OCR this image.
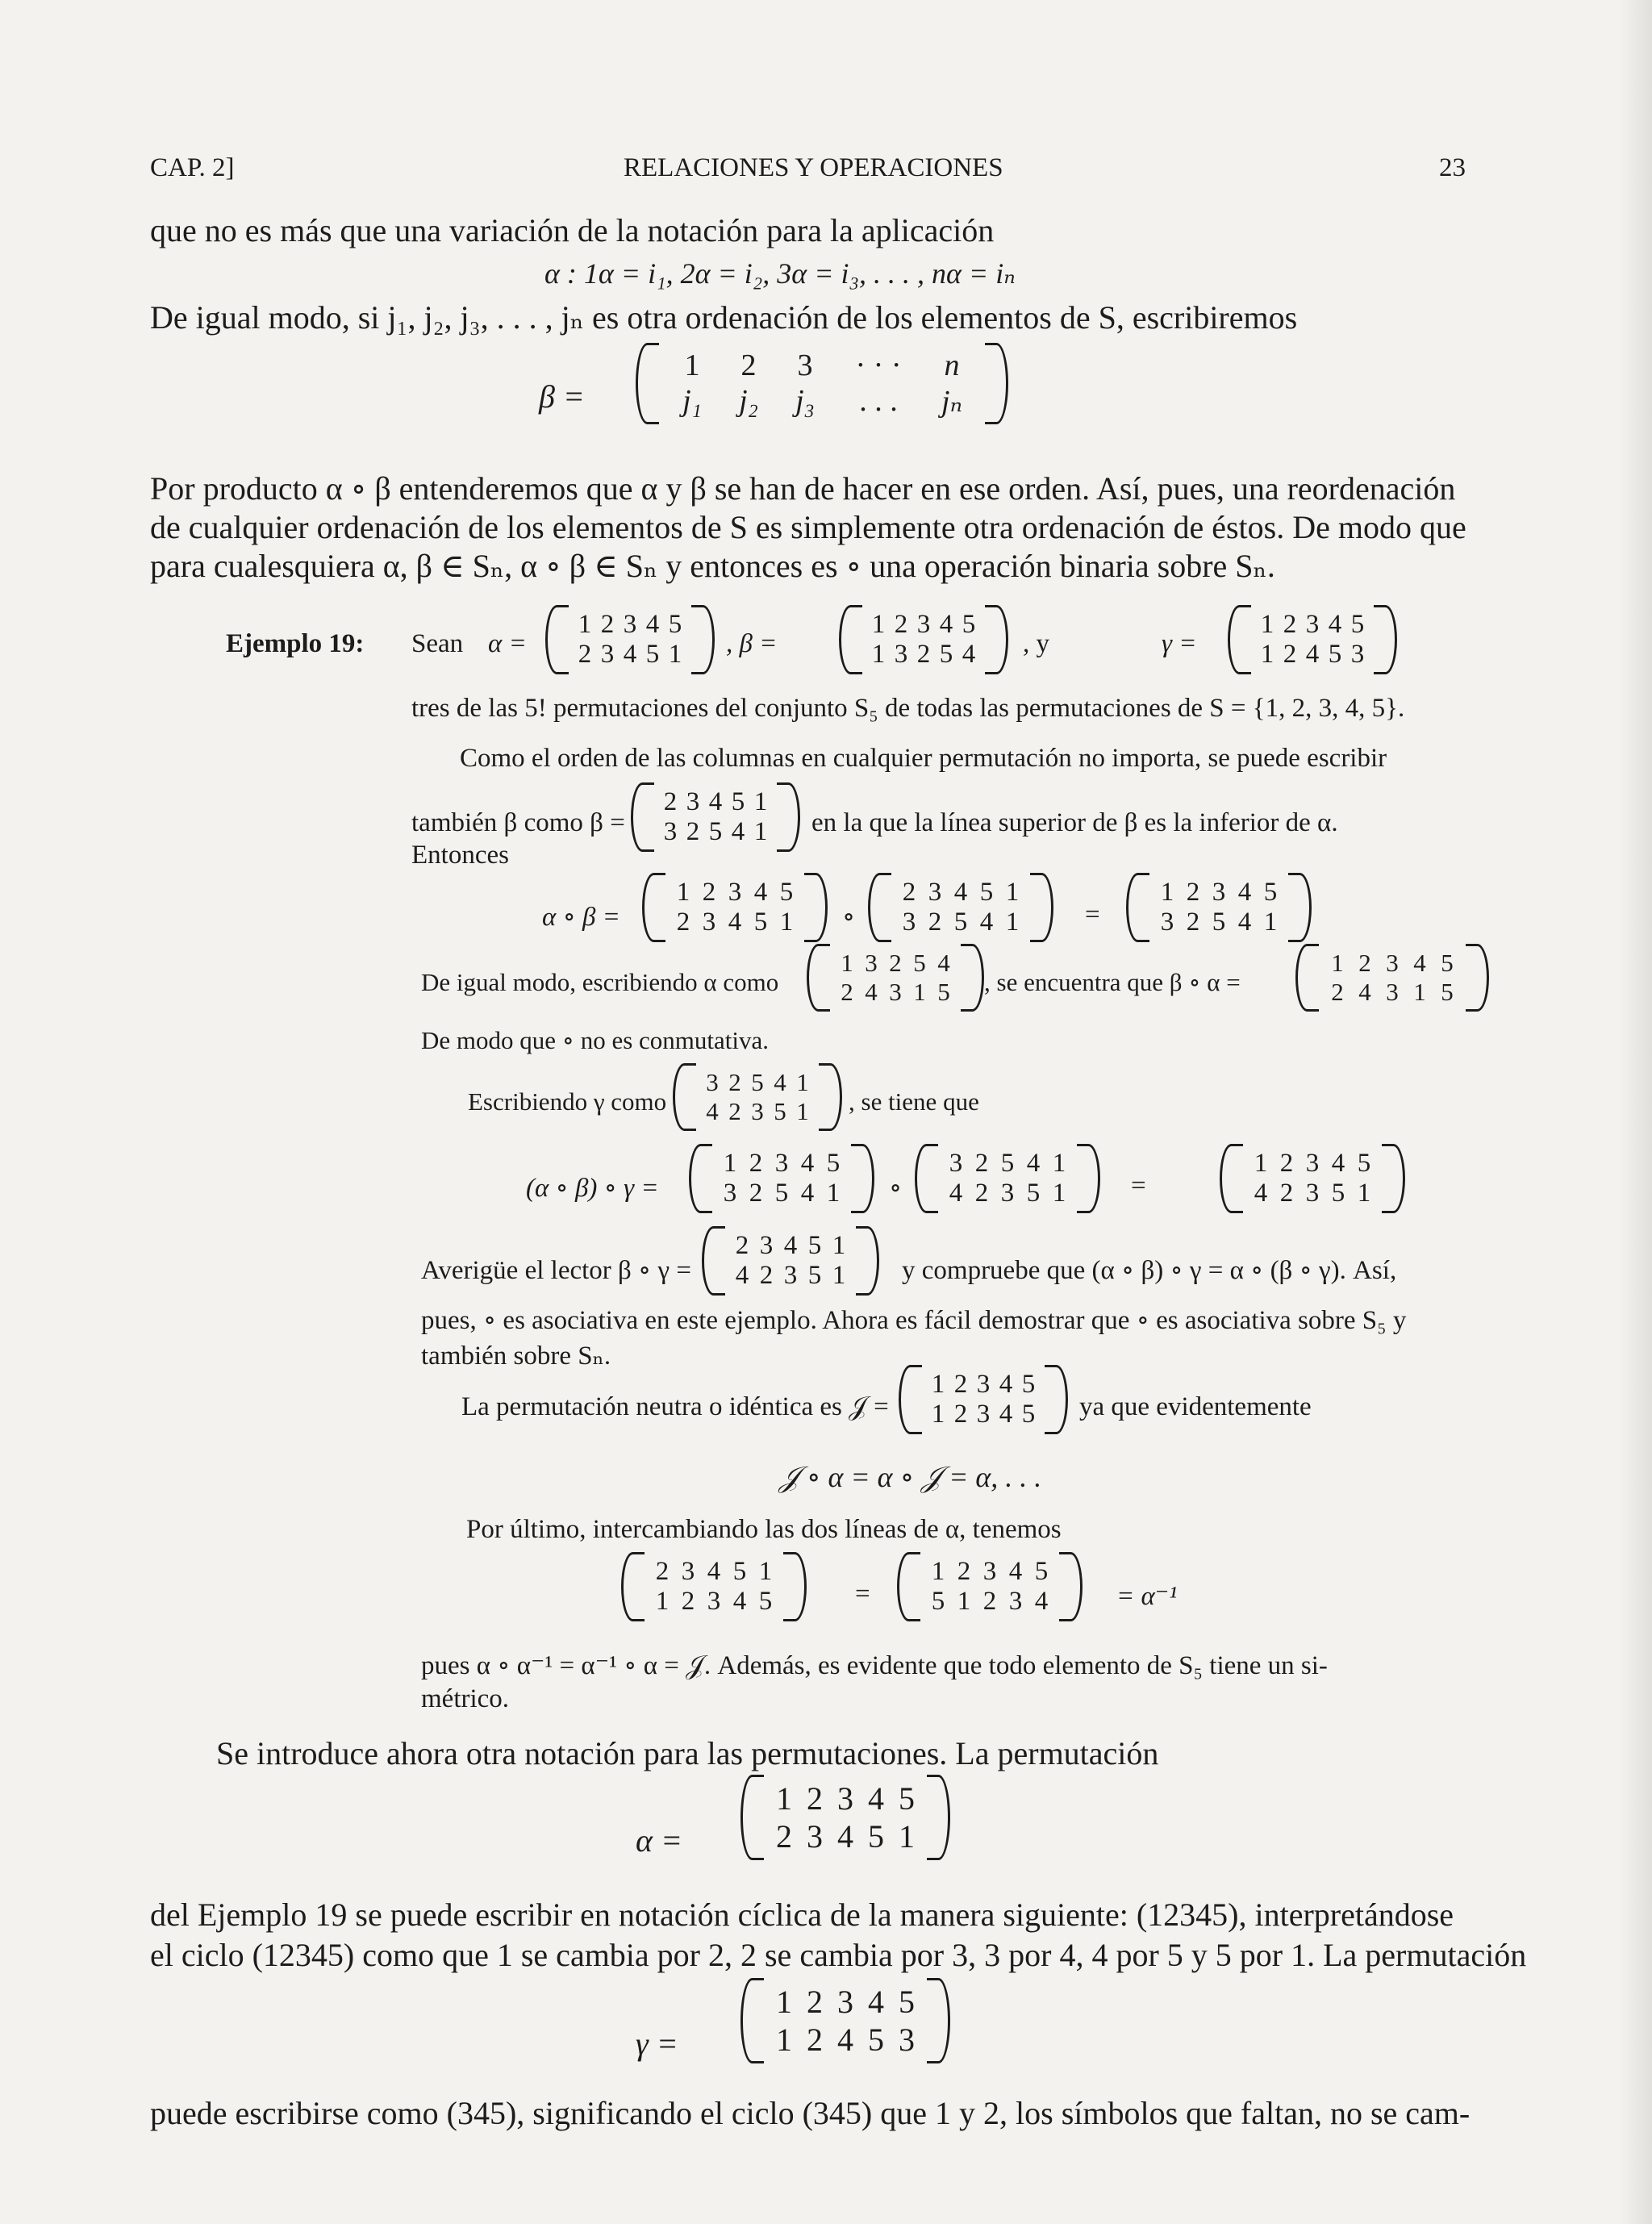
CAP. 2]	RELACIONES Y OPERACIONES	23
que no es más que una variación de la notación para la aplicación
α : 1α = i₁, 2α = i₂, 3α = i₃, . . . , nα = iₙ
De igual modo, si j₁, j₂, j₃, . . . , jₙ es otra ordenación de los elementos de S, escribiremos
β =
1	2	3	· · ·	n
j₁	j₂	j₃	. . .	jₙ
Por producto α ∘ β entenderemos que α y β se han de hacer en ese orden. Así, pues, una reordenación
de cualquier ordenación de los elementos de S es simplemente otra ordenación de éstos. De modo que
para cualesquiera α, β ∈ Sₙ, α ∘ β ∈ Sₙ y entonces es ∘ una operación binaria sobre Sₙ.
Ejemplo 19: Sean α =
1 2 3 4 5
2 3 4 5 1 , β =
1 2 3 4 5
1 3 2 5 4 , y	γ =
1 2 3 4 5
1 2 4 5 3
tres de las 5! permutaciones del conjunto S₅ de todas las permutaciones de S = {1, 2, 3, 4, 5}.
Como el orden de las columnas en cualquier permutación no importa, se puede escribir
también β como β =
2 3 4 5 1
3 2 5 4 1 en la que la línea superior de β es la inferior de α.
Entonces
α ∘ β =
1 2 3 4 5
2 3 4 5 1 ∘
2 3 4 5 1
3 2 5 4 1 =
1 2 3 4 5
3 2 5 4 1
De igual modo, escribiendo α como
1 3 2 5 4
2 4 3 1 5 , se encuentra que β ∘ α =
1 2 3 4 5
2 4 3 1 5
De modo que ∘ no es conmutativa.
Escribiendo γ como
3 2 5 4 1
4 2 3 5 1 , se tiene que
(α ∘ β) ∘ γ =
1 2 3 4 5
3 2 5 4 1 ∘
3 2 5 4 1
4 2 3 5 1 =
1 2 3 4 5
4 2 3 5 1
Averigüe el lector β ∘ γ =
2 3 4 5 1
4 2 3 5 1 y compruebe que (α ∘ β) ∘ γ = α ∘ (β ∘ γ). Así,
pues, ∘ es asociativa en este ejemplo. Ahora es fácil demostrar que ∘ es asociativa sobre S₅ y
también sobre Sₙ.
La permutación neutra o idéntica es 𝒥 =
1 2 3 4 5
1 2 3 4 5 ya que evidentemente
𝒥 ∘ α = α ∘ 𝒥 = α, . . .
Por último, intercambiando las dos líneas de α, tenemos
2 3 4 5 1
1 2 3 4 5	=
1 2 3 4 5
5 1 2 3 4	= α⁻¹
pues α ∘ α⁻¹ = α⁻¹ ∘ α = 𝒥. Además, es evidente que todo elemento de S₅ tiene un si-
métrico.
Se introduce ahora otra notación para las permutaciones. La permutación
α =
1 2 3 4 5
2 3 4 5 1
del Ejemplo 19 se puede escribir en notación cíclica de la manera siguiente: (12345), interpretándose
el ciclo (12345) como que 1 se cambia por 2, 2 se cambia por 3, 3 por 4, 4 por 5 y 5 por 1. La permutación
γ =
1 2 3 4 5
1 2 4 5 3
puede escribirse como (345), significando el ciclo (345) que 1 y 2, los símbolos que faltan, no se cam-
